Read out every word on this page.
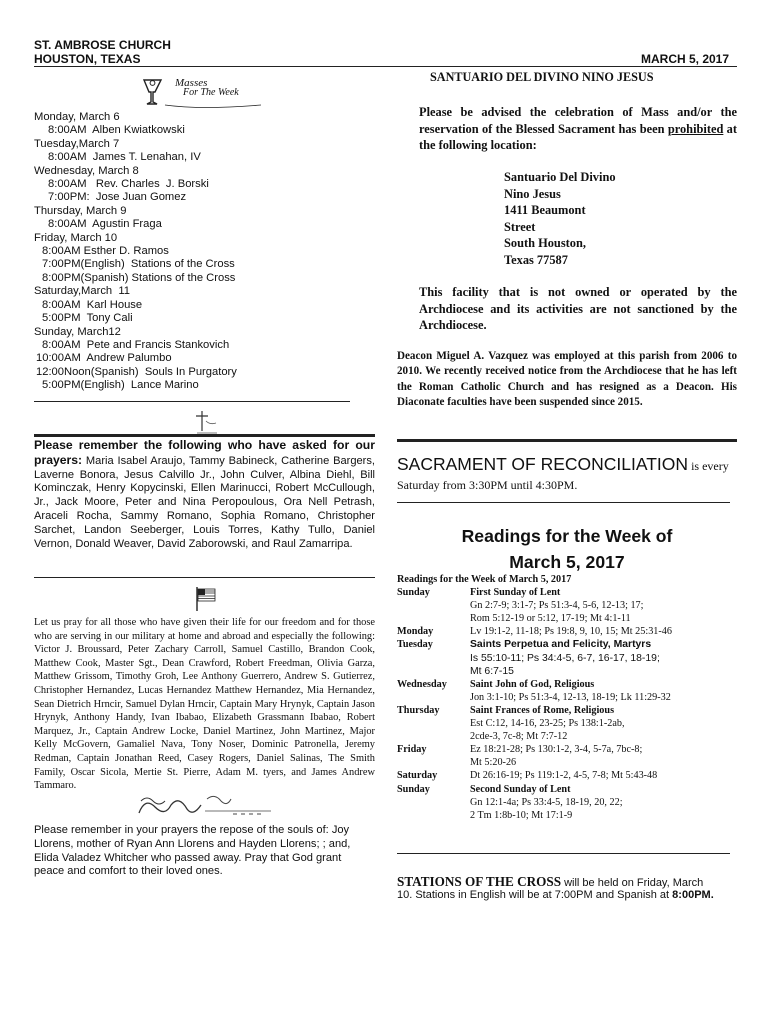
ST. AMBROSE CHURCH
HOUSTON, TEXAS	MARCH 5, 2017
Masses
For The Week
Monday, March 6
8:00AM  Alben Kwiatkowski
Tuesday,March 7
8:00AM  James T. Lenahan, IV
Wednesday, March 8
8:00AM   Rev. Charles  J. Borski
7:00PM:  Jose Juan Gomez
Thursday, March 9
8:00AM  Agustin Fraga
Friday, March 10
8:00AM Esther D. Ramos
7:00PM(English)  Stations of the Cross
8:00PM(Spanish) Stations of the Cross
Saturday,March  11
8:00AM  Karl House
5:00PM  Tony Cali
Sunday, March12
8:00AM  Pete and Francis Stankovich
10:00AM  Andrew Palumbo
12:00Noon(Spanish)  Souls In Purgatory
5:00PM(English)  Lance Marino
Please remember the following who have asked for our prayers: Maria Isabel Araujo, Tammy Babineck, Catherine Bargers, Laverne Bonora, Jesus Calvillo Jr., John Culver, Albina Diehl, Bill Kominczak, Henry Kopycinski, Ellen Marinucci, Robert McCullough, Jr., Jack Moore, Peter and Nina Peropoulous, Ora Nell Petrash, Araceli Rocha, Sammy Romano, Sophia Romano, Christopher Sarchet, Landon Seeberger, Louis Torres, Kathy Tullo, Daniel Vernon, Donald Weaver, David Zaborowski, and Raul Zamarripa.
Let us pray for all those who have given their life for our freedom and for those who are serving in our military at home and abroad and especially the following: Victor J. Broussard, Peter Zachary Carroll, Samuel Castillo, Brandon Cook, Matthew Cook, Master Sgt., Dean Crawford, Robert Freedman, Olivia Garza, Matthew Grissom, Timothy Groh, Lee Anthony Guerrero, Andrew S. Gutierrez, Christopher Hernandez, Lucas Hernandez Matthew Hernandez, Mia Hernandez, Sean Dietrich Hrncir, Samuel Dylan Hrncir, Captain Mary Hrynyk, Captain Jason Hrynyk, Anthony Handy, Ivan Ibabao, Elizabeth Grassmann Ibabao, Robert Marquez, Jr., Captain Andrew Locke, Daniel Martinez, John Martinez, Major Kelly McGovern, Gamaliel Nava, Tony Noser, Dominic Patronella, Jeremy Redman, Captain Jonathan Reed, Casey Rogers, Daniel Salinas, The Smith Family, Oscar Sicola, Mertie St. Pierre, Adam M. tyers, and James Andrew Tammaro.
Please remember in your prayers the repose of the souls of: Joy Llorens, mother of Ryan Ann Llorens and Hayden Llorens; ; and, Elida Valadez Whitcher who passed away. Pray that God grant peace and comfort to their loved ones.
SANTUARIO DEL DIVINO NINO JESUS
Please be advised the celebration of Mass and/or the reservation of the Blessed Sacrament has been prohibited at the following location:
Santuario Del Divino
Nino Jesus
1411 Beaumont
Street
South Houston,
Texas 77587
This facility that is not owned or operated by the Archdiocese and its activities are not sanctioned by the Archdiocese.
Deacon Miguel A. Vazquez was employed at this parish from 2006 to 2010. We recently received notice from the Archdiocese that he has left the Roman Catholic Church and has resigned as a Deacon. His Diaconate faculties have been suspended since 2015.
SACRAMENT OF RECONCILIATION is every
Saturday from 3:30PM until 4:30PM.
Readings for the Week of
March 5, 2017
Readings for the Week of March 5, 2017
Sunday	First Sunday of Lent
Gn 2:7-9; 3:1-7; Ps 51:3-4, 5-6, 12-13; 17;
Rom 5:12-19 or 5:12, 17-19; Mt 4:1-11
Monday	Lv 19:1-2, 11-18; Ps 19:8, 9, 10, 15; Mt 25:31-46
Tuesday	Saints Perpetua and Felicity, Martyrs
Is 55:10-11; Ps 34:4-5, 6-7, 16-17, 18-19;
Mt 6:7-15
Wednesday	Saint John of God, Religious
Jon 3:1-10; Ps 51:3-4, 12-13, 18-19; Lk 11:29-32
Thursday	Saint Frances of Rome, Religious
Est C:12, 14-16, 23-25; Ps 138:1-2ab,
2cde-3, 7c-8; Mt 7:7-12
Friday	Ez 18:21-28; Ps 130:1-2, 3-4, 5-7a, 7bc-8;
Mt 5:20-26
Saturday	Dt 26:16-19; Ps 119:1-2, 4-5, 7-8; Mt 5:43-48
Sunday	Second Sunday of Lent
Gn 12:1-4a; Ps 33:4-5, 18-19, 20, 22;
2 Tm 1:8b-10; Mt 17:1-9
STATIONS OF THE CROSS will be held on Friday, March
10. Stations in English will be at 7:00PM and Spanish at 8:00PM.
